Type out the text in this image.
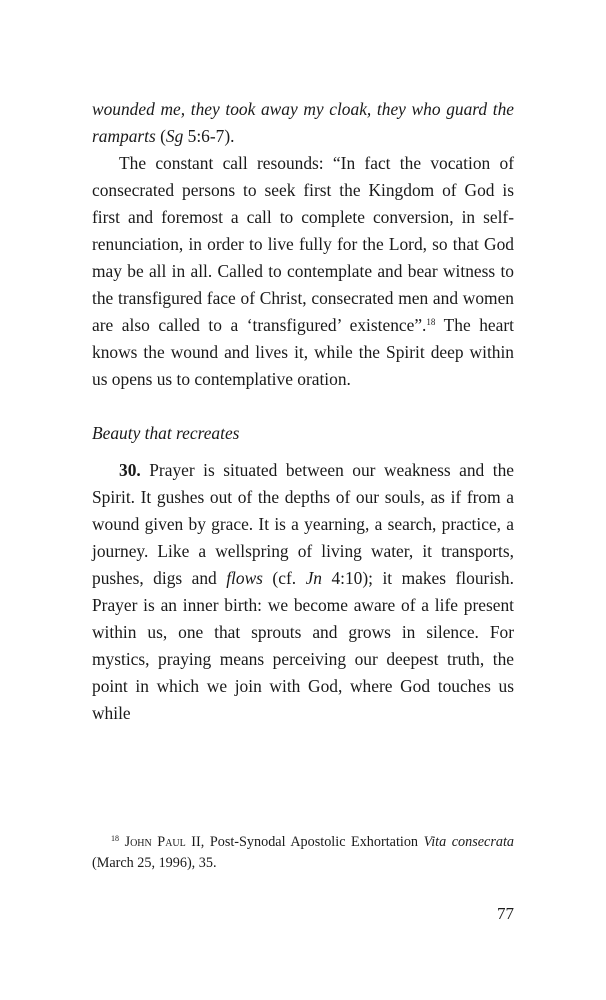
wounded me, they took away my cloak, they who guard the ramparts (Sg 5:6-7).

The constant call resounds: “In fact the vocation of consecrated persons to seek first the Kingdom of God is first and foremost a call to complete conversion, in self-renunciation, in order to live fully for the Lord, so that God may be all in all. Called to contemplate and bear witness to the transfigured face of Christ, consecrated men and women are also called to a ‘transfigured’ existence”.$^{18}$ The heart knows the wound and lives it, while the Spirit deep within us opens us to contemplative oration.

Beauty that recreates

30. Prayer is situated between our weakness and the Spirit. It gushes out of the depths of our souls, as if from a wound given by grace. It is a yearning, a search, practice, a journey. Like a wellspring of living water, it transports, pushes, digs and flows (cf. Jn 4:10); it makes flourish. Prayer is an inner birth: we become aware of a life present within us, one that sprouts and grows in silence. For mystics, praying means perceiving our deepest truth, the point in which we join with God, where God touches us while

$^{18}$ John Paul II, Post-Synodal Apostolic Exhortation Vita consecrata (March 25, 1996), 35.
77
